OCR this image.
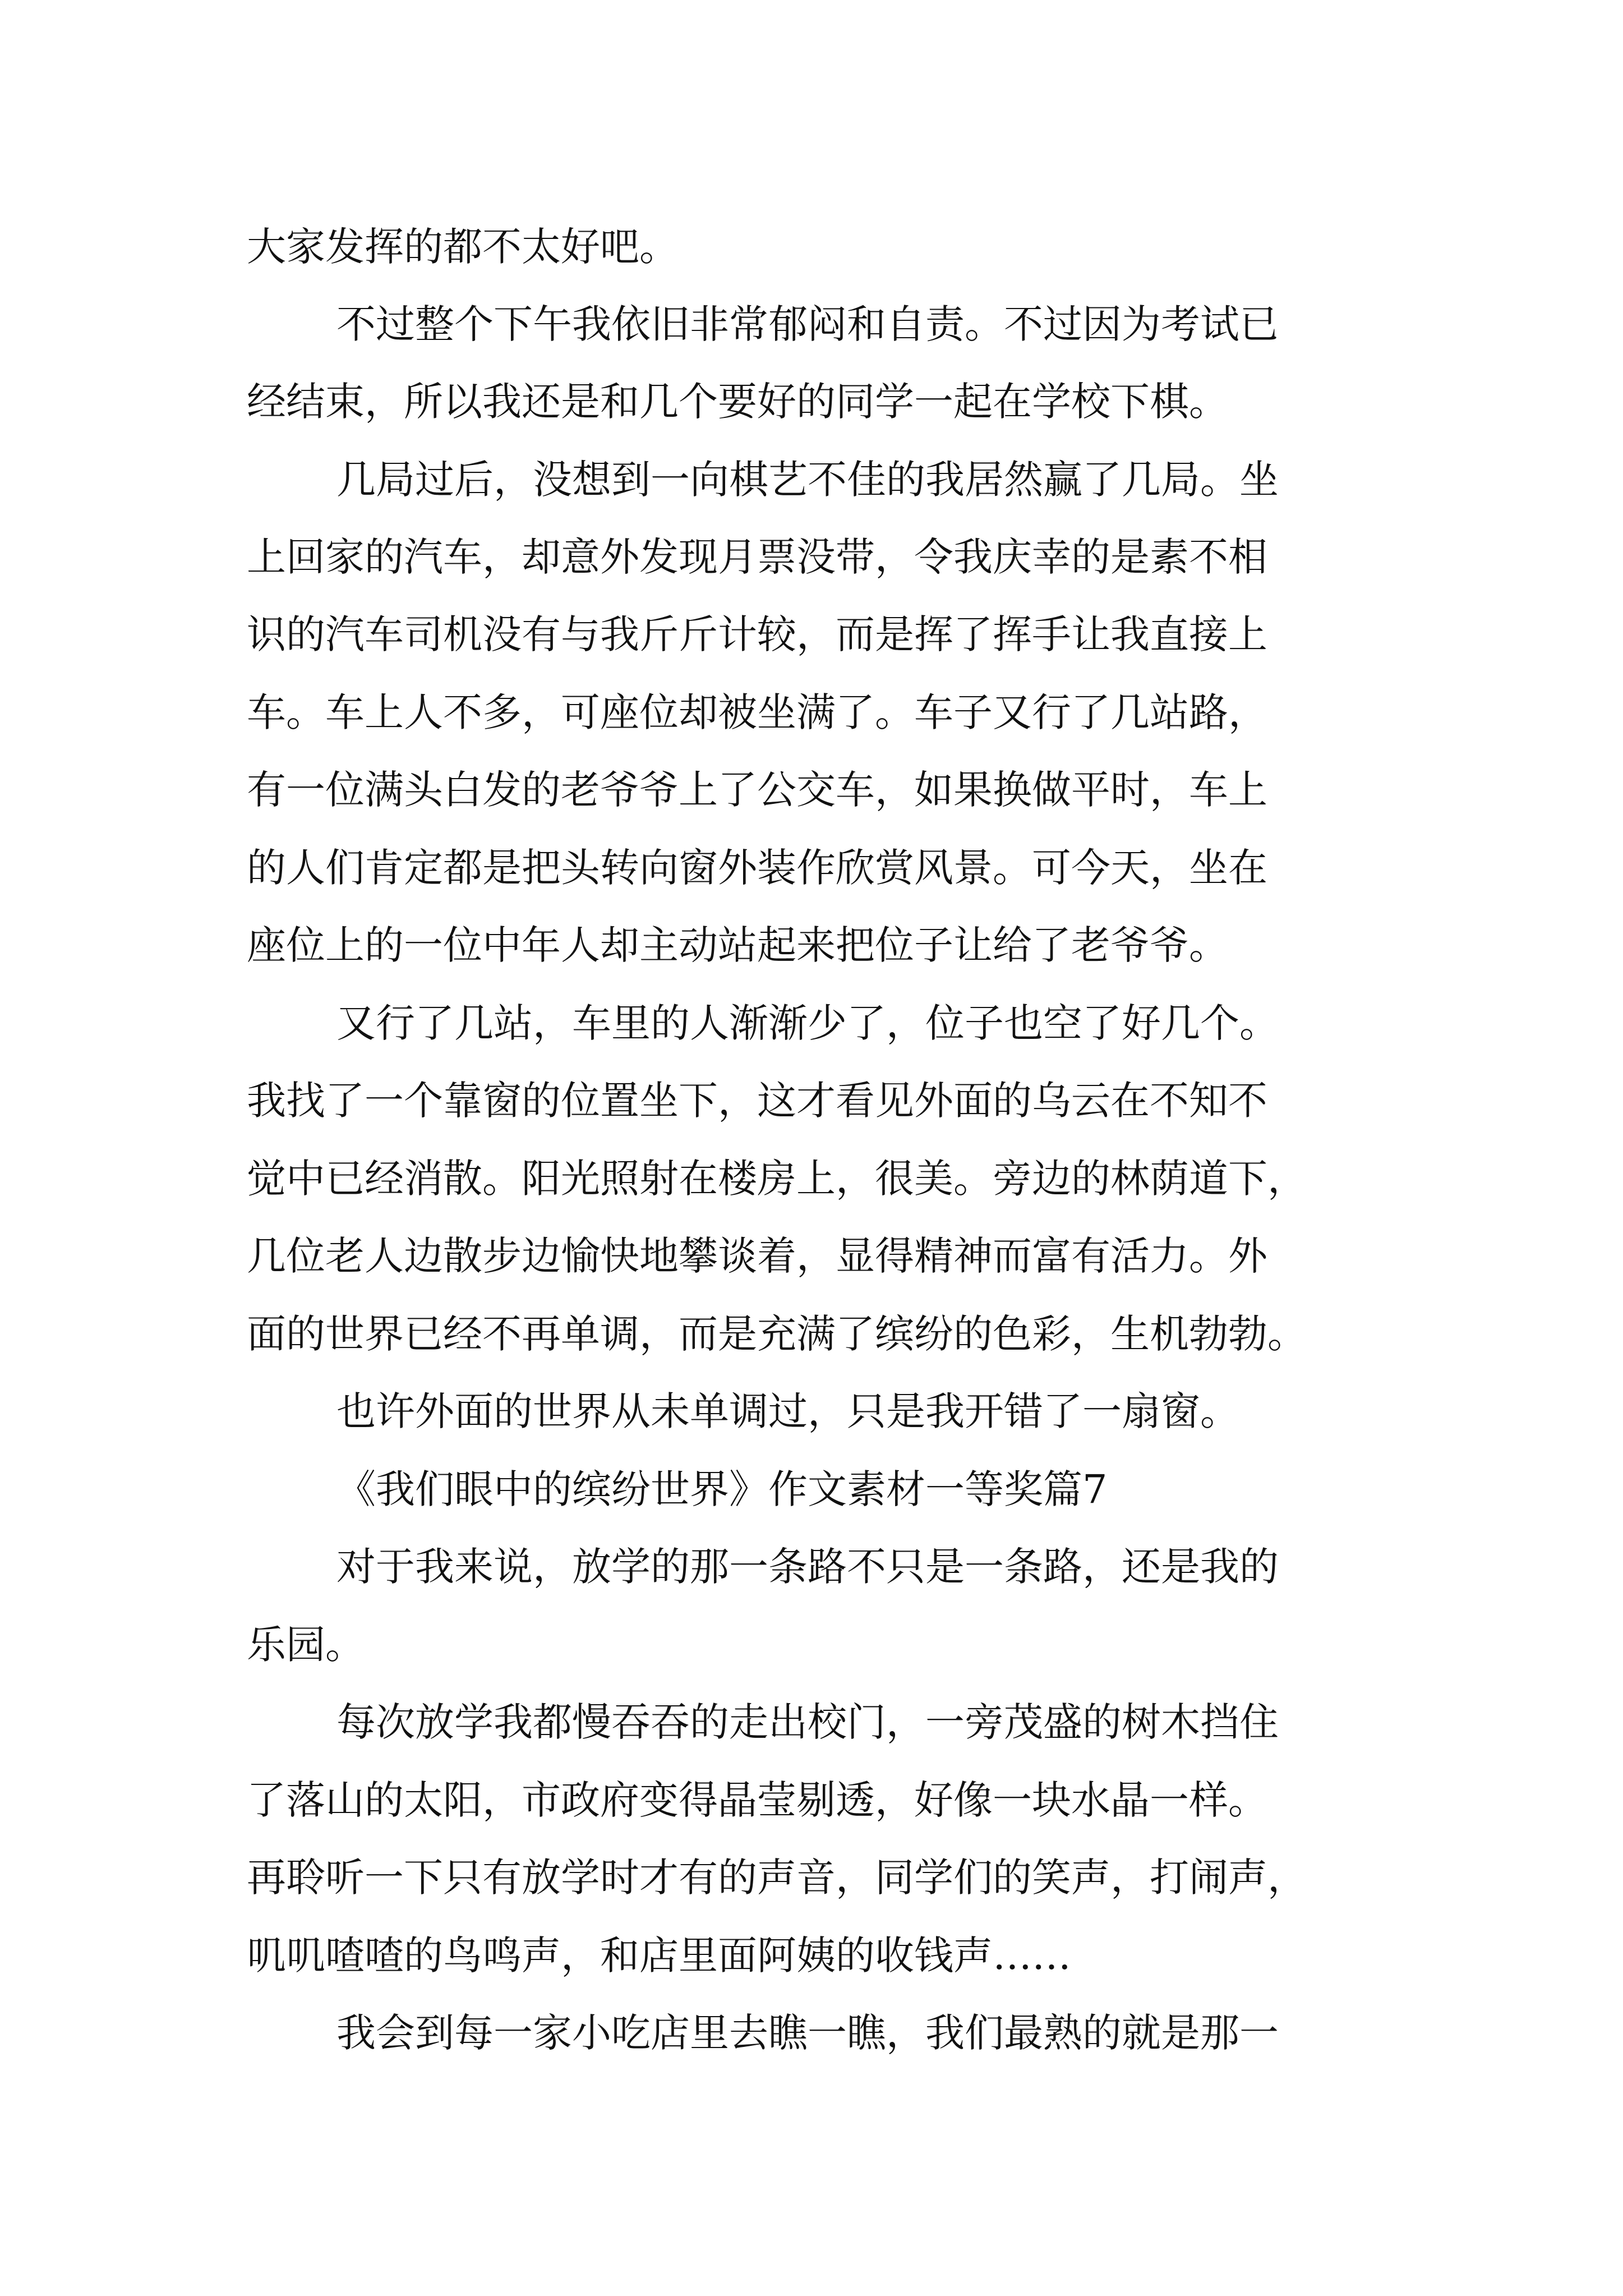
大家发挥的都不太好吧。
不过整个下午我依旧非常郁闷和自责。不过因为考试已
经结束，所以我还是和几个要好的同学一起在学校下棋。
几局过后，没想到一向棋艺不佳的我居然赢了几局。坐
上回家的汽车，却意外发现月票没带，令我庆幸的是素不相
识的汽车司机没有与我斤斤计较，而是挥了挥手让我直接上
车。车上人不多，可座位却被坐满了。车子又行了几站路，
有一位满头白发的老爷爷上了公交车，如果换做平时，车上
的人们肯定都是把头转向窗外装作欣赏风景。可今天，坐在
座位上的一位中年人却主动站起来把位子让给了老爷爷。
又行了几站，车里的人渐渐少了，位子也空了好几个。
我找了一个靠窗的位置坐下，这才看见外面的乌云在不知不
觉中已经消散。阳光照射在楼房上，很美。旁边的林荫道下，
几位老人边散步边愉快地攀谈着，显得精神而富有活力。外
面的世界已经不再单调，而是充满了缤纷的色彩，生机勃勃。
也许外面的世界从未单调过，只是我开错了一扇窗。
《我们眼中的缤纷世界》作文素材一等奖篇7
对于我来说，放学的那一条路不只是一条路，还是我的
乐园。
每次放学我都慢吞吞的走出校门，一旁茂盛的树木挡住
了落山的太阳，市政府变得晶莹剔透，好像一块水晶一样。
再聆听一下只有放学时才有的声音，同学们的笑声，打闹声，
叽叽喳喳的鸟鸣声，和店里面阿姨的收钱声……
我会到每一家小吃店里去瞧一瞧，我们最熟的就是那一
